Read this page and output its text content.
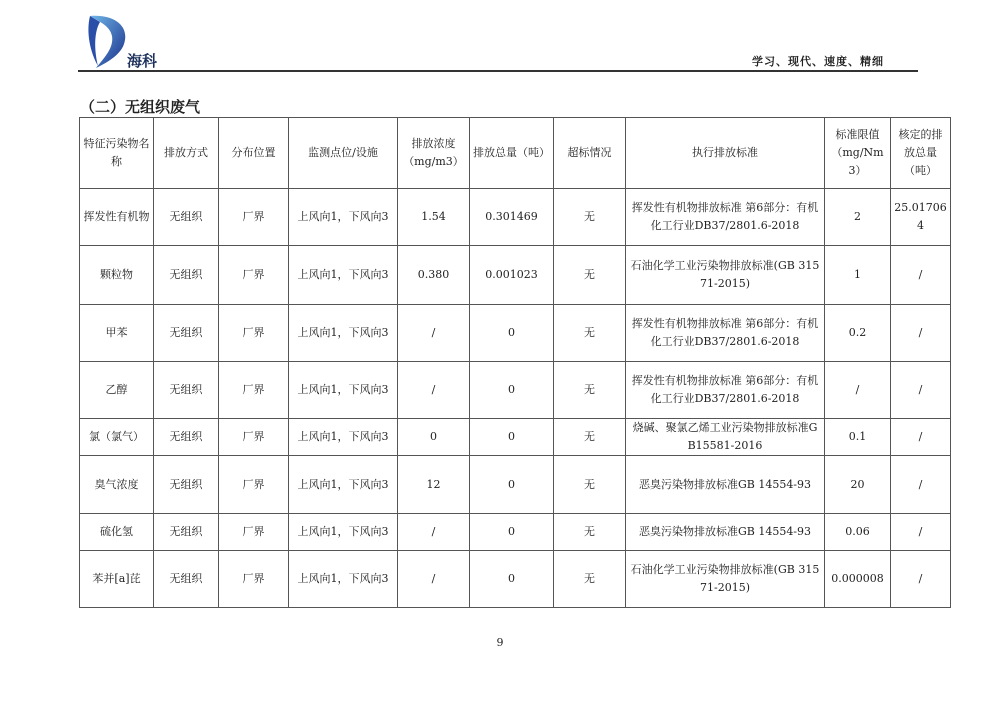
海科	学习、现代、速度、精细
（二）无组织废气
特征污染物名称	排放方式	分布位置	监测点位/设施	排放浓度（mg/m3）	排放总量（吨）	超标情况	执行排放标准	标准限值（mg/Nm3）	核定的排放总量（吨）
挥发性有机物	无组织	厂界	上风向1，下风向3	1.54	0.301469	无	挥发性有机物排放标准 第6部分：有机化工行业DB37/2801.6-2018	2	25.017064
颗粒物	无组织	厂界	上风向1，下风向3	0.380	0.001023	无	石油化学工业污染物排放标准(GB 31571-2015)	1	/
甲苯	无组织	厂界	上风向1，下风向3	/	0	无	挥发性有机物排放标准 第6部分：有机化工行业DB37/2801.6-2018	0.2	/
乙醇	无组织	厂界	上风向1，下风向3	/	0	无	挥发性有机物排放标准 第6部分：有机化工行业DB37/2801.6-2018	/	/
氯（氯气）	无组织	厂界	上风向1，下风向3	0	0	无	烧碱、聚氯乙烯工业污染物排放标准GB15581-2016	0.1	/
臭气浓度	无组织	厂界	上风向1，下风向3	12	0	无	恶臭污染物排放标准GB 14554-93	20	/
硫化氢	无组织	厂界	上风向1，下风向3	/	0	无	恶臭污染物排放标准GB 14554-93	0.06	/
苯并[a]芘	无组织	厂界	上风向1，下风向3	/	0	无	石油化学工业污染物排放标准(GB 31571-2015)	0.000008	/
9
